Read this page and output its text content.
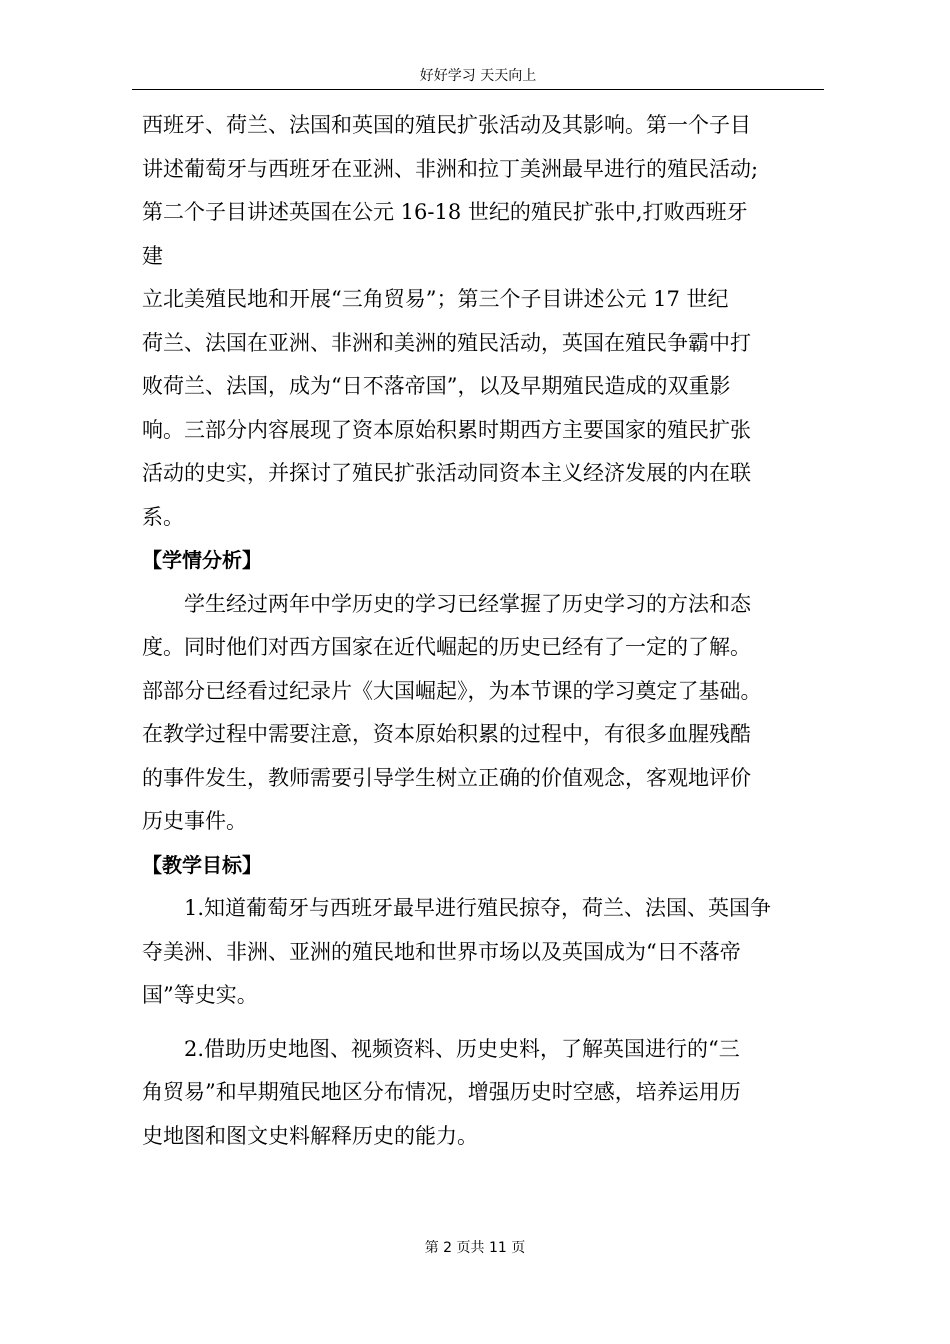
好好学习 天天向上
西班牙、荷兰、法国和英国的殖民扩张活动及其影响。第一个子目
讲述葡萄牙与西班牙在亚洲、非洲和拉丁美洲最早进行的殖民活动;
第二个子目讲述英国在公元 16-18 世纪的殖民扩张中,打败西班牙
建
立北美殖民地和开展“三角贸易”；第三个子目讲述公元 17 世纪
荷兰、法国在亚洲、非洲和美洲的殖民活动，英国在殖民争霸中打
败荷兰、法国，成为“日不落帝国”，以及早期殖民造成的双重影
响。三部分内容展现了资本原始积累时期西方主要国家的殖民扩张
活动的史实，并探讨了殖民扩张活动同资本主义经济发展的内在联
系。
【学情分析】
学生经过两年中学历史的学习已经掌握了历史学习的方法和态
度。同时他们对西方国家在近代崛起的历史已经有了一定的了解。
部部分已经看过纪录片《大国崛起》，为本节课的学习奠定了基础。
在教学过程中需要注意，资本原始积累的过程中，有很多血腥残酷
的事件发生，教师需要引导学生树立正确的价值观念，客观地评价
历史事件。
【教学目标】
1.知道葡萄牙与西班牙最早进行殖民掠夺，荷兰、法国、英国争
夺美洲、非洲、亚洲的殖民地和世界市场以及英国成为“日不落帝
国”等史实。
2.借助历史地图、视频资料、历史史料，了解英国进行的“三
角贸易”和早期殖民地区分布情况，增强历史时空感，培养运用历
史地图和图文史料解释历史的能力。
第 2 页共 11 页
